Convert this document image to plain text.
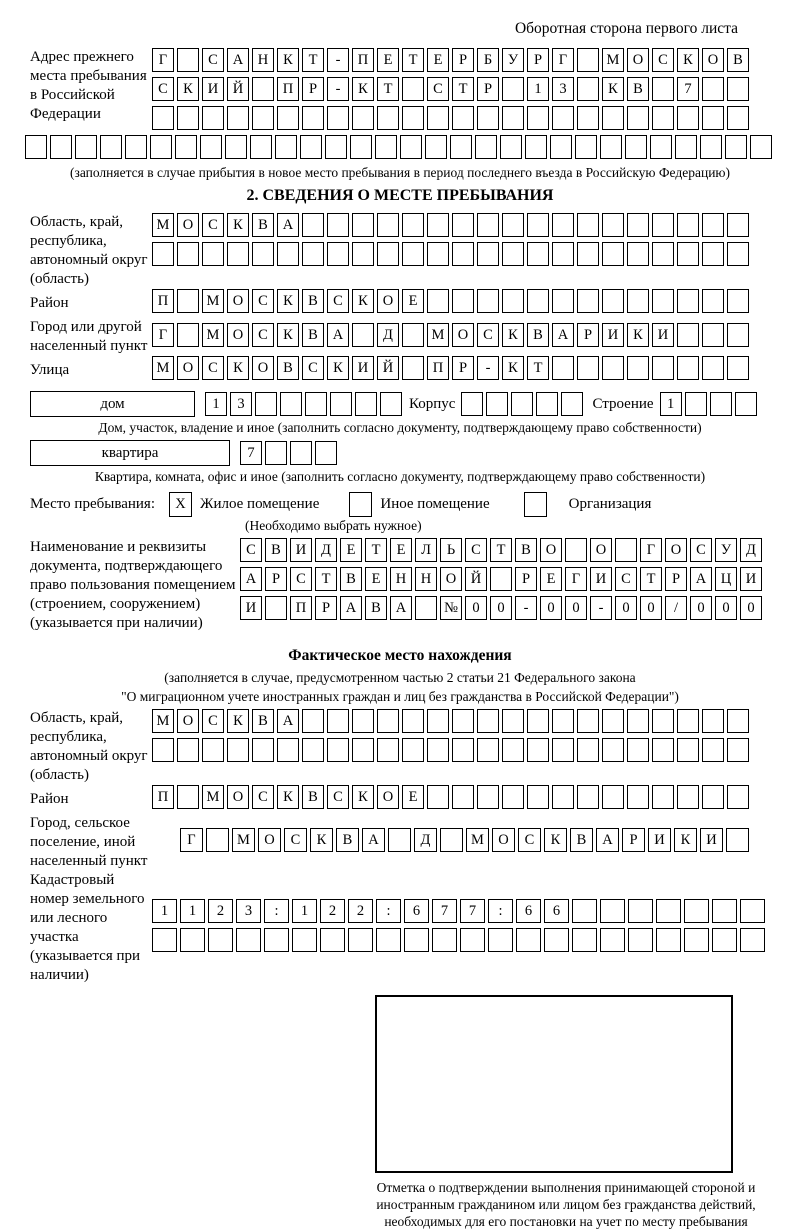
Оборотная сторона первого листа
Адрес прежнего места пребывания в Российской Федерации
Г	С А Н К Т - П Е Т Е Р Б У Р Г	М О С К О В
С К И Й	П Р - К Т	С Т Р	1 3	К В	7
(заполняется в случае прибытия в новое место пребывания в период последнего въезда в Российскую Федерацию)
2. СВЕДЕНИЯ О МЕСТЕ ПРЕБЫВАНИЯ
Область, край, республика, автономный округ (область)
М О С К В А
Район	П	М О С К В С К О Е
Город или другой населенный пункт
Г	М О С К В А	Д	М О С К В А Р И К И
Улица	М О С К О В С К И Й	П Р - К Т
дом	1 3	Корпус	Строение 1
Дом, участок, владение и иное (заполнить согласно документу, подтверждающему право собственности)
квартира	7
Квартира, комната, офис и иное (заполнить согласно документу, подтверждающему право собственности)
Место пребывания:	X Жилое помещение	Иное помещение	Организация
(Необходимо выбрать нужное)
Наименование и реквизиты документа, подтверждающего право пользования помещением (строением, сооружением) (указывается при наличии)
С В И Д Е Т Е Л Ь С Т В О	О	Г О С У Д
А Р С Т В Е Н Н О Й	Р Е Г И С Т Р А Ц И
И	П Р А В А	№ 0 0 - 0 0 - 0 0 / 0 0 0
Фактическое место нахождения
(заполняется в случае, предусмотренном частью 2 статьи 21 Федерального закона
"О миграционном учете иностранных граждан и лиц без гражданства в Российской Федерации")
Область, край, республика, автономный округ (область)
М О С К В А
Район	П	М О С К В С К О Е
Город, сельское поселение, иной населенный пункт
Г	М О С К В А	Д	М О С К В А Р И К И
Кадастровый номер земельного или лесного участка (указывается при наличии)
1 1 2 3 : 1 2 2 : 6 7 7 : 6 6
Отметка о подтверждении выполнения принимающей стороной и иностранным гражданином или лицом без гражданства действий, необходимых для его постановки на учет по месту пребывания
